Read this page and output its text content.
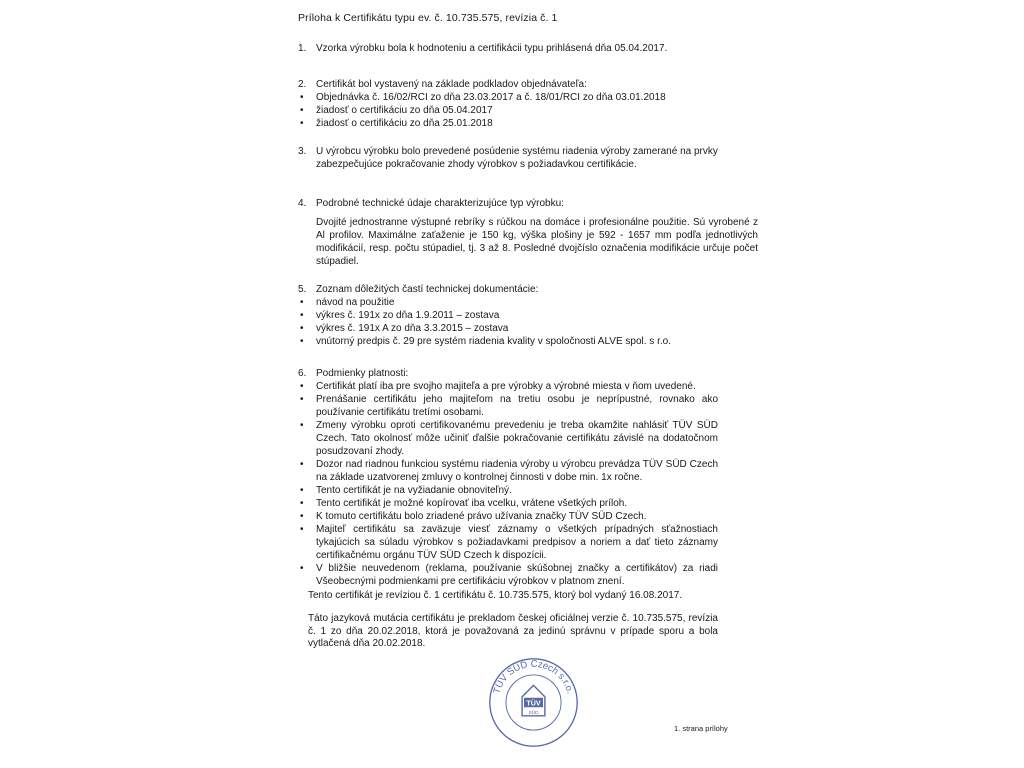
Príloha k Certifikátu typu ev. č. 10.735.575, revízia č. 1
1. Vzorka výrobku bola k hodnoteniu a certifikácii typu prihlásená dňa 05.04.2017.
2. Certifikát bol vystavený na základe podkladov objednávateľa:
• Objednávka č. 16/02/RCI zo dňa 23.03.2017 a č. 18/01/RCI zo dňa 03.01.2018
• žiadosť o certifikáciu zo dňa 05.04.2017
• žiadosť o certifikáciu zo dňa 25.01.2018
3. U výrobcu výrobku bolo prevedené posúdenie systému riadenia výroby zamerané na prvky zabezpečujúce pokračovanie zhody výrobkov s požiadavkou certifikácie.
4. Podrobné technické údaje charakterizujúce typ výrobku:
Dvojité jednostranne výstupné rebríky s rúčkou na domáce i profesionálne použitie. Sú vyrobené z Al profilov. Maximálne zaťaženie je 150 kg, výška plošiny je 592 - 1657 mm podľa jednotlivých modifikácií, resp. počtu stúpadiel, tj. 3 až 8. Posledné dvojčíslo označenia modifikácie určuje počet stúpadiel.
5. Zoznam dôležitých častí technickej dokumentácie:
• návod na použitie
• výkres č. 191x zo dňa 1.9.2011 – zostava
• výkres č. 191x A zo dňa 3.3.2015 – zostava
• vnútorný predpis č. 29 pre systém riadenia kvality v spoločnosti ALVE spol. s r.o.
6. Podmienky platnosti:
• Certifikát platí iba pre svojho majiteľa a pre výrobky a výrobné miesta v ňom uvedené.
• Prenášanie certifikátu jeho majiteľom na tretiu osobu je neprípustné, rovnako ako používanie certifikátu tretími osobami.
• Zmeny výrobku oproti certifikovanému prevedeniu je treba okamžite nahlásiť TÜV SÜD Czech. Tato okolnosť môže učiniť ďalšie pokračovanie certifikátu závislé na dodatočnom posudzovaní zhody.
• Dozor nad riadnou funkciou systému riadenia výroby u výrobcu prevádza TÜV SÜD Czech na základe uzatvorenej zmluvy o kontrolnej činnosti v dobe min. 1x ročne.
• Tento certifikát je na vyžiadanie obnoviteľný.
• Tento certifikát je možné kopírovať iba vcelku, vrátene všetkých príloh.
• K tomuto certifikátu bolo zriadené právo užívania značky TÜV SÜD Czech.
• Majiteľ certifikátu sa zaväzuje viesť záznamy o všetkých prípadných sťažnostiach tykajúcich sa súladu výrobkov s požiadavkami predpisov a noriem a dať tieto záznamy certifikačnému orgánu TÜV SÜD Czech k dispozícii.
• V bližšie neuvedenom (reklama, používanie skúšobnej značky a certifikátov) za riadi Všeobecnými podmienkami pre certifikáciu výrobkov v platnom znení.
Tento certifikát je revíziou č. 1 certifikátu č. 10.735.575, ktorý bol vydaný 16.08.2017.
Táto jazyková mutácia certifikátu je prekladom českej oficiálnej verzie č. 10.735.575, revízia č. 1 zo dňa 20.02.2018, ktorá je považovaná za jedinú správnu v prípade sporu a bola vytlačená dňa 20.02.2018.
TÜV SÜD Czech s.r.o.
TÜV
SÜD
1. strana prílohy
